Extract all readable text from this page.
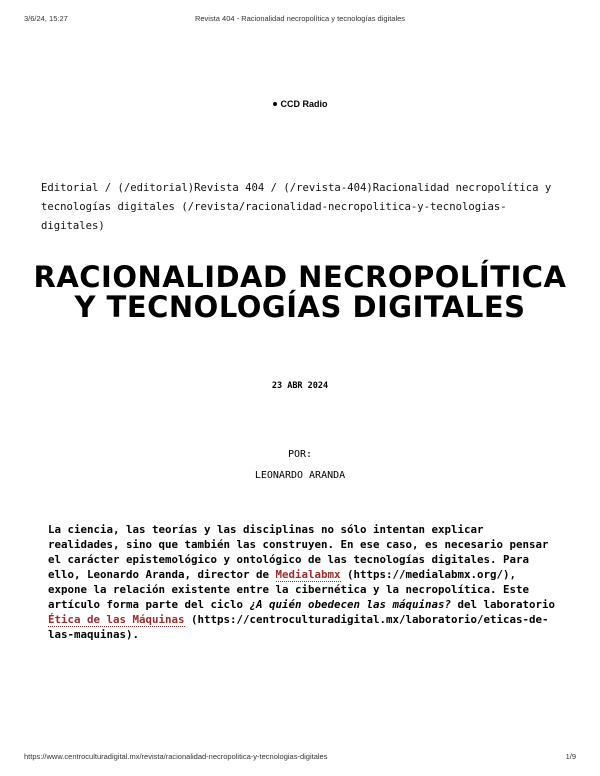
3/6/24, 15:27	Revista 404 - Racionalidad necropolítica y tecnologías digitales
CCD Radio
Editorial / (/editorial)Revista 404 / (/revista-404)Racionalidad necropolítica y tecnologías digitales (/revista/racionalidad-necropolitica-y-tecnologias-digitales)
RACIONALIDAD NECROPOLÍTICA Y TECNOLOGÍAS DIGITALES
23 ABR 2024
POR:
LEONARDO ARANDA

La ciencia, las teorías y las disciplinas no sólo intentan explicar realidades, sino que también las construyen. En ese caso, es necesario pensar el carácter epistemológico y ontológico de las tecnologías digitales. Para ello, Leonardo Aranda, director de Medialabmx (https://medialabmx.org/), expone la relación existente entre la cibernética y la necropolítica. Este artículo forma parte del ciclo ¿A quién obedecen las máquinas? del laboratorio Ética de las Máquinas (https://centroculturadigital.mx/laboratorio/eticas-de-las-maquinas).

https://www.centroculturadigital.mx/revista/racionalidad-necropolitica-y-tecnologias-digitales	1/9
